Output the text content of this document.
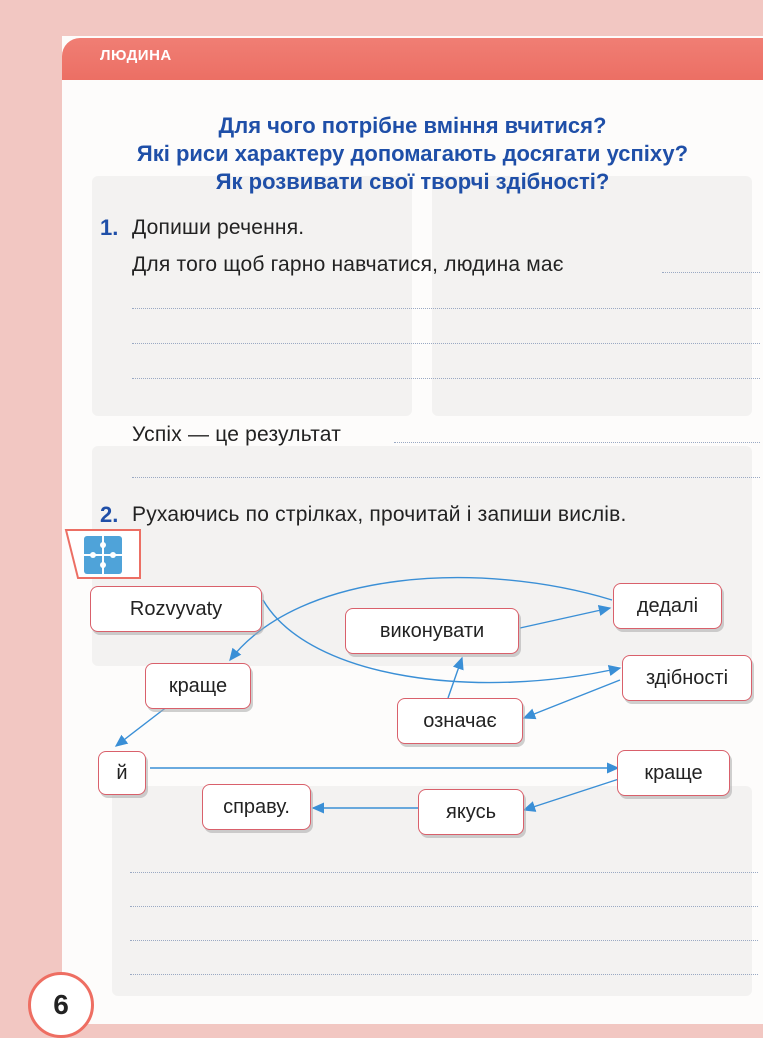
ЛЮДИНА
Для чого потрібне вміння вчитися?
Які риси характеру допомагають досягати успіху?
Як розвивати свої творчі здібності?
1. Допиши речення.
Для того щоб гарно навчатися, людина має
Успіх — це результат
2. Рухаючись по стрілках, прочитай і запиши вислів.
Rozvyvaty	дедалі
виконувати
здібності
краще
означає
й	краще
справу.	якусь
6
